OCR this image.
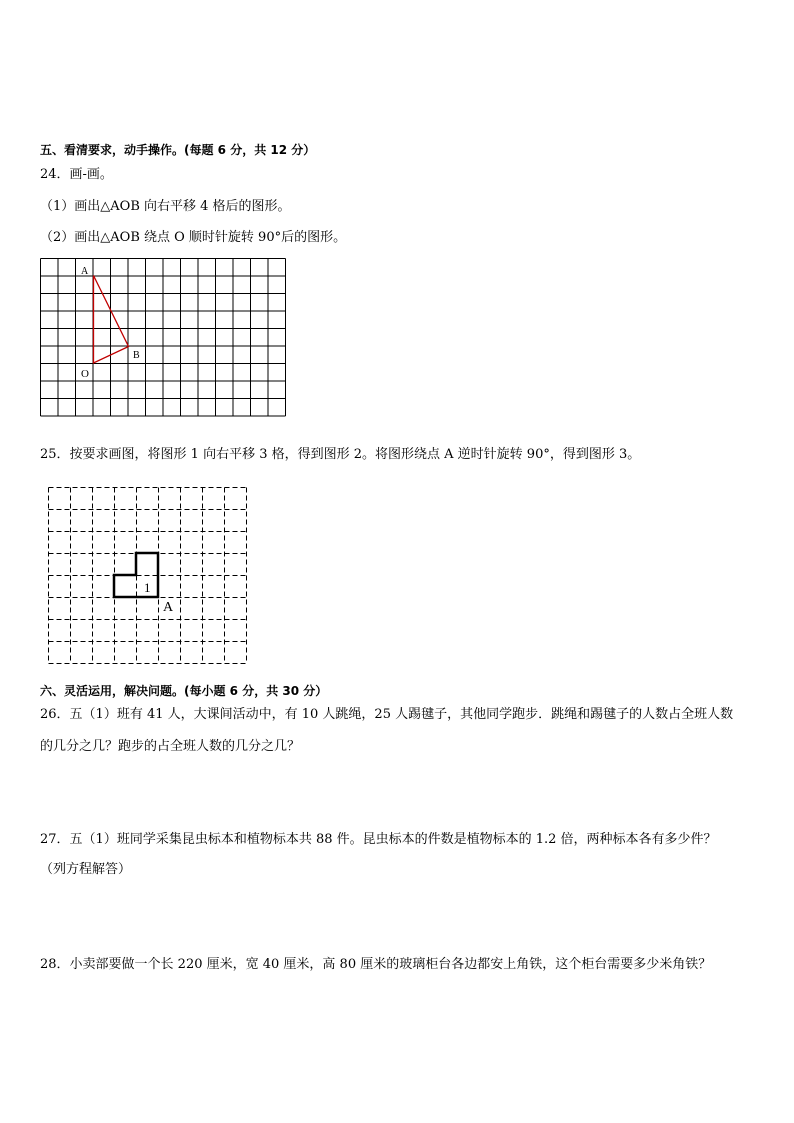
五、看清要求，动手操作。(每题 6 分，共 12 分）
24．画-画。
（1）画出△AOB 向右平移 4 格后的图形。
（2）画出△AOB 绕点 O 顺时针旋转 90°后的图形。
A
B
O
25．按要求画图，将图形 1 向右平移 3 格，得到图形 2。将图形绕点 A 逆时针旋转 90°，得到图形 3。
1
A
六、灵活运用，解决问题。(每小题 6 分，共 30 分）
26．五（1）班有 41 人，大课间活动中，有 10 人跳绳，25 人踢毽子，其他同学跑步．跳绳和踢毽子的人数占全班人数
的几分之几？跑步的占全班人数的几分之几？
27．五（1）班同学采集昆虫标本和植物标本共 88 件。昆虫标本的件数是植物标本的 1.2 倍，两种标本各有多少件？
（列方程解答）
28．小卖部要做一个长 220 厘米，宽 40 厘米，高 80 厘米的玻璃柜台各边都安上角铁，这个柜台需要多少米角铁？
